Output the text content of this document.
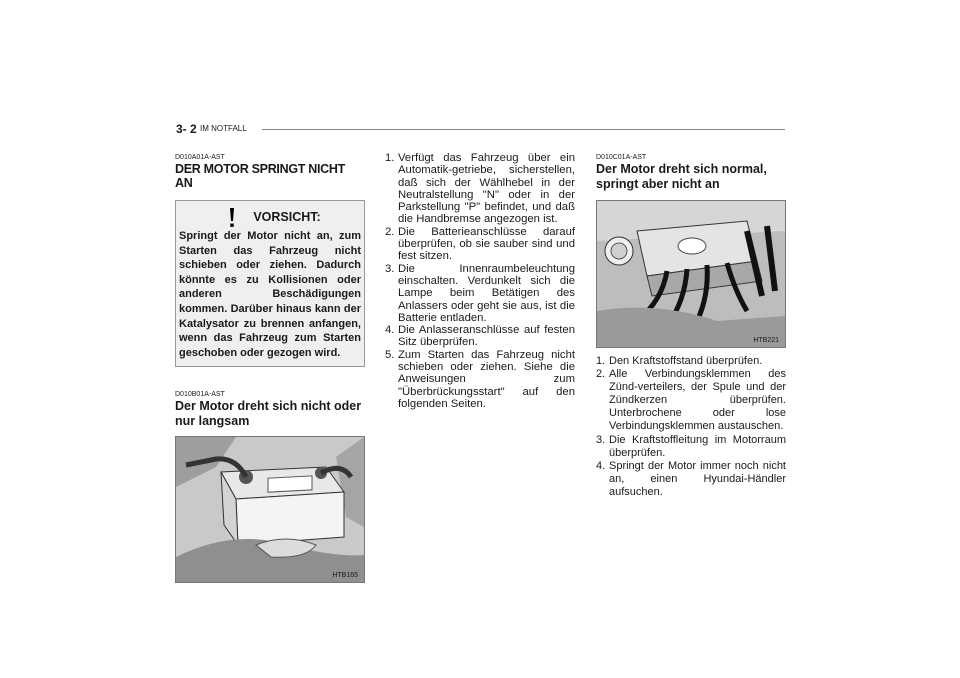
3- 2 IM NOTFALL
D010A01A-AST
DER MOTOR SPRINGT NICHT AN
VORSICHT:
Springt der Motor nicht an, zum Starten das Fahrzeug nicht schieben oder ziehen. Dadurch könnte es zu Kollisionen oder anderen Beschädigungen kommen. Darüber hinaus kann der Katalysator zu brennen anfangen, wenn das Fahrzeug zum Starten geschoben oder gezogen wird.
D010B01A-AST
Der Motor dreht sich nicht oder nur langsam
HTB165
1. Verfügt das Fahrzeug über ein Automatik-getriebe, sicherstellen, daß sich der Wählhebel in der Neutralstellung "N" oder in der Parkstellung "P" befindet, und daß die Handbremse angezogen ist.
2. Die Batterieanschlüsse darauf überprüfen, ob sie sauber sind und fest sitzen.
3. Die Innenraumbeleuchtung einschalten. Verdunkelt sich die Lampe beim Betätigen des Anlassers oder geht sie aus, ist die Batterie entladen.
4. Die Anlasseranschlüsse auf festen Sitz überprüfen.
5. Zum Starten das Fahrzeug nicht schieben oder ziehen. Siehe die Anweisungen zum "Überbrückungsstart" auf den folgenden Seiten.
D010C01A-AST
Der Motor dreht sich normal, springt aber nicht an
HTB221
1. Den Kraftstoffstand überprüfen.
2. Alle Verbindungsklemmen des Zünd-verteilers, der Spule und der Zündkerzen überprüfen. Unterbrochene oder lose Verbindungsklemmen austauschen.
3. Die Kraftstoffleitung im Motorraum überprüfen.
4. Springt der Motor immer noch nicht an, einen Hyundai-Händler aufsuchen.
